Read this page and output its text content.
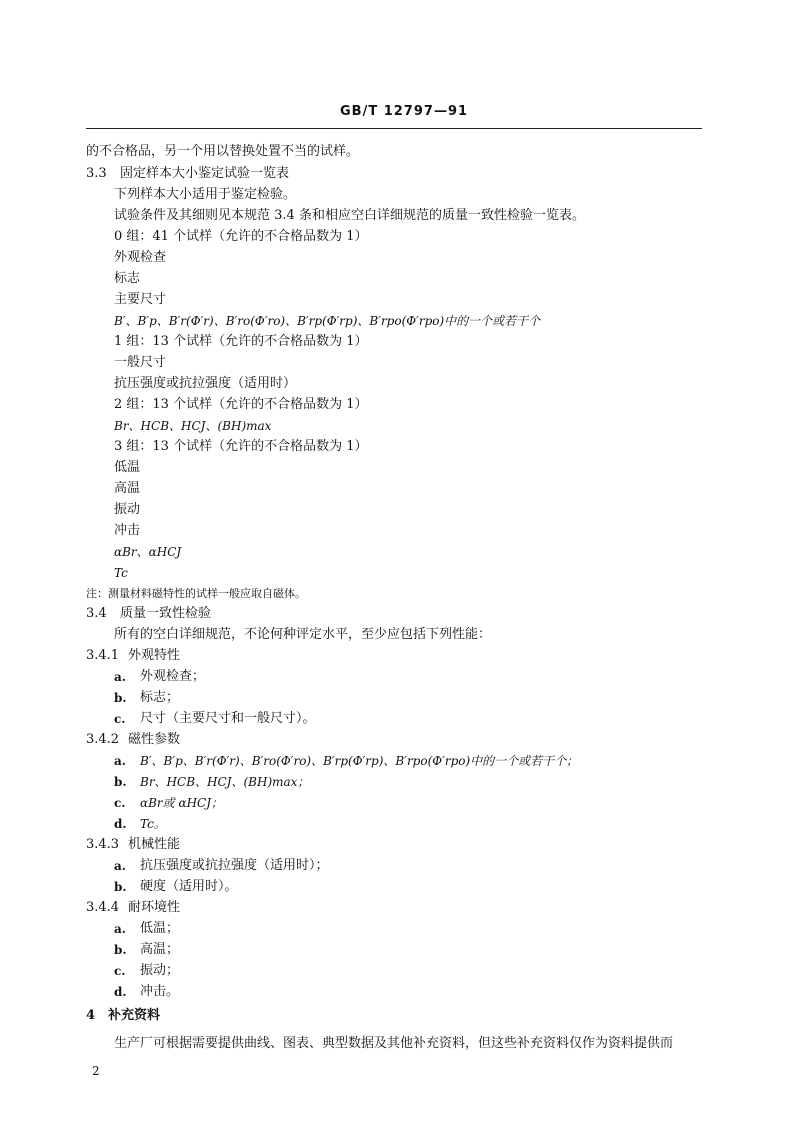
GB/T 12797—91
的不合格品，另一个用以替换处置不当的试样。
3.3 固定样本大小鉴定试验一览表
下列样本大小适用于鉴定检验。
试验条件及其细则见本规范 3.4 条和相应空白详细规范的质量一致性检验一览表。
0 组：41 个试样（允许的不合格品数为 1）
外观检查
标志
主要尺寸
B′、B′p、B′r(Φ′r)、B′ro(Φ′ro)、B′rp(Φ′rp)、B′rpo(Φ′rpo)中的一个或若干个
1 组：13 个试样（允许的不合格品数为 1）
一般尺寸
抗压强度或抗拉强度（适用时）
2 组：13 个试样（允许的不合格品数为 1）
Br、HCB、HCJ、(BH)max
3 组：13 个试样（允许的不合格品数为 1）
低温
高温
振动
冲击
αBr、αHCJ
Tc
注：测量材料磁特性的试样一般应取自磁体。
3.4 质量一致性检验
所有的空白详细规范，不论何种评定水平，至少应包括下列性能：
3.4.1 外观特性
a. 外观检查；
b. 标志；
c. 尺寸（主要尺寸和一般尺寸）。
3.4.2 磁性参数
a. B′、B′p、B′r(Φ′r)、B′ro(Φ′ro)、B′rp(Φ′rp)、B′rpo(Φ′rpo)中的一个或若干个；
b. Br、HCB、HCJ、(BH)max；
c. αBr或 αHCJ；
d. Tc。
3.4.3 机械性能
a. 抗压强度或抗拉强度（适用时）；
b. 硬度（适用时）。
3.4.4 耐环境性
a. 低温；
b. 高温；
c. 振动；
d. 冲击。
4 补充资料
生产厂可根据需要提供曲线、图表、典型数据及其他补充资料，但这些补充资料仅作为资料提供而
2
